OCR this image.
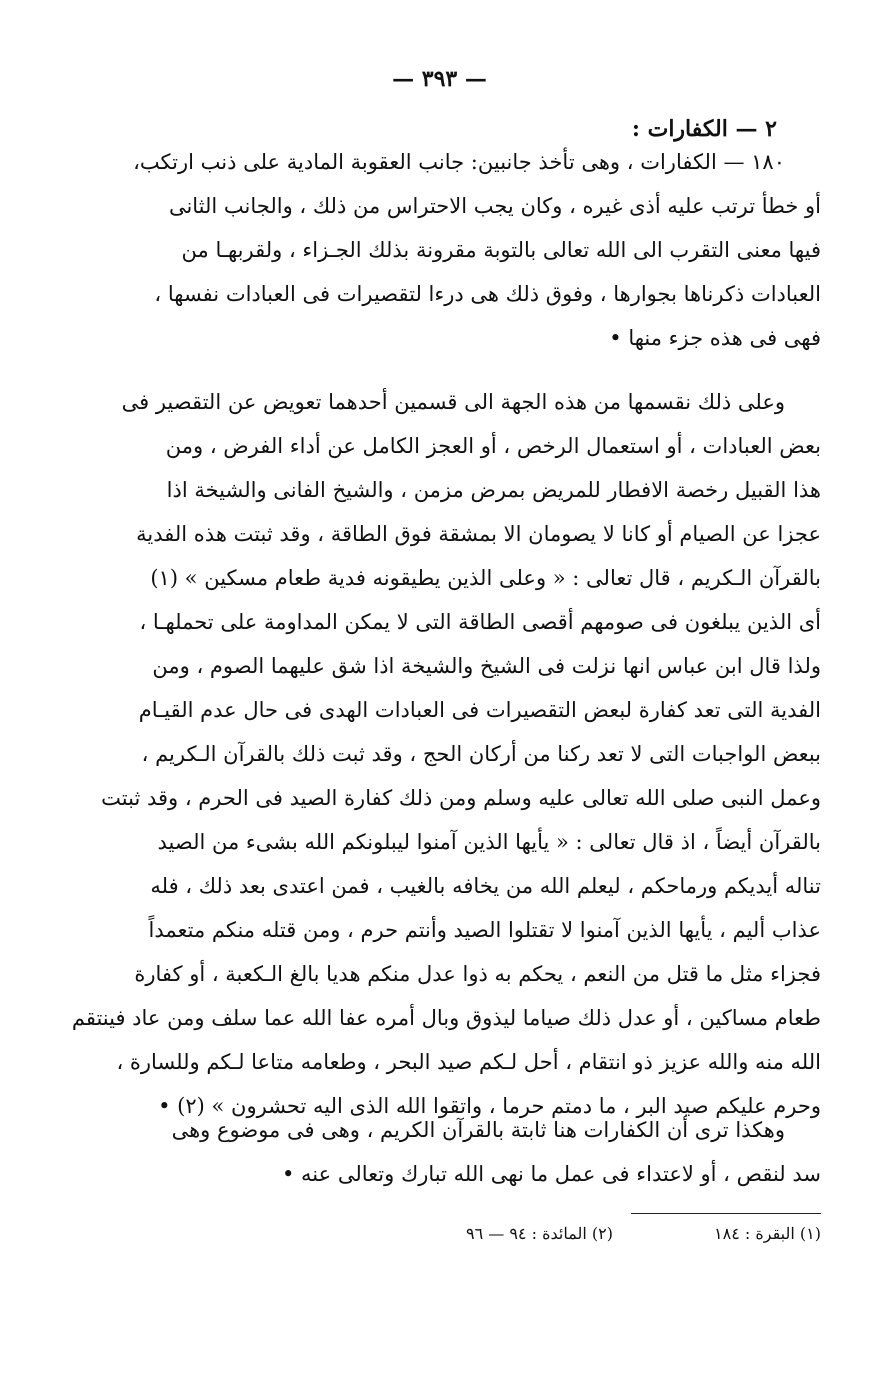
— ٣٩٣ —
٢ — الكفارات :
١٨٠ — الكفارات ، وهى تأخذ جانبين: جانب العقوبة المادية على ذنب ارتكب،
أو خطأ ترتب عليه أذى غيره ، وكان يجب الاحتراس من ذلك ، والجانب الثانى
فيها معنى التقرب الى الله تعالى بالتوبة مقرونة بذلك الجـزاء ، ولقربهـا من
العبادات ذكرناها بجوارها ، وفوق ذلك هى درءا لتقصيرات فى العبادات نفسها ،
فهى فى هذه جزء منها •
وعلى ذلك نقسمها من هذه الجهة الى قسمين أحدهما تعويض عن التقصير فى
بعض العبادات ، أو استعمال الرخص ، أو العجز الكامل عن أداء الفرض ، ومن
هذا القبيل رخصة الافطار للمريض بمرض مزمن ، والشيخ الفانى والشيخة اذا
عجزا عن الصيام أو كانا لا يصومان الا بمشقة فوق الطاقة ، وقد ثبتت هذه الفدية
بالقرآن الـكريم ، قال تعالى : « وعلى الذين يطيقونه فدية طعام مسكين » (١)
أى الذين يبلغون فى صومهم أقصى الطاقة التى لا يمكن المداومة على تحملهـا ،
ولذا قال ابن عباس انها نزلت فى الشيخ والشيخة اذا شق عليهما الصوم ، ومن
الفدية التى تعد كفارة لبعض التقصيرات فى العبادات الهدى فى حال عدم القيـام
ببعض الواجبات التى لا تعد ركنا من أركان الحج ، وقد ثبت ذلك بالقرآن الـكريم ،
وعمل النبى صلى الله تعالى عليه وسلم ومن ذلك كفارة الصيد فى الحرم ، وقد ثبتت
بالقرآن أيضاً ، اذ قال تعالى : « يأيها الذين آمنوا ليبلونكم الله بشىء من الصيد
تناله أيديكم ورماحكم ، ليعلم الله من يخافه بالغيب ، فمن اعتدى بعد ذلك ، فله
عذاب أليم ، يأيها الذين آمنوا لا تقتلوا الصيد وأنتم حرم ، ومن قتله منكم متعمداً
فجزاء مثل ما قتل من النعم ، يحكم به ذوا عدل منكم هديا بالغ الـكعبة ، أو كفارة
طعام مساكين ، أو عدل ذلك صياما ليذوق وبال أمره عفا الله عما سلف ومن عاد فينتقم
الله منه والله عزيز ذو انتقام ، أحل لـكم صيد البحر ، وطعامه متاعا لـكم وللسارة ،
وحرم عليكم صيد البر ، ما دمتم حرما ، واتقوا الله الذى اليه تحشرون » (٢) •
وهكذا ترى أن الكفارات هنا ثابتة بالقرآن الكريم ، وهى فى موضوع وهى
سد لنقص ، أو لاعتداء فى عمل ما نهى الله تبارك وتعالى عنه •
(١) البقرة : ١٨٤ (٢) المائدة : ٩٤ — ٩٦
